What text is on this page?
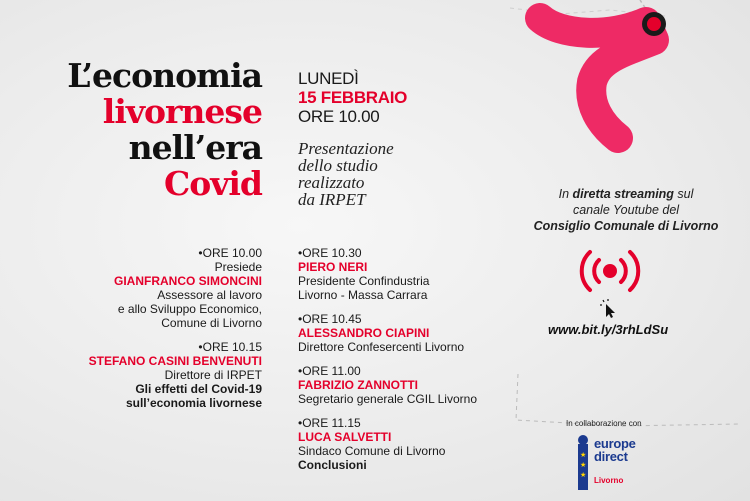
L’economia
livornese
nell’era
Covid
LUNEDÌ
15 FEBBRAIO
ORE 10.00
Presentazione
dello studio
realizzato
da IRPET
• ORE 10.00
Presiede
GIANFRANCO SIMONCINI
Assessore al lavoro
e allo Sviluppo Economico,
Comune di Livorno
• ORE 10.15
STEFANO CASINI BENVENUTI
Direttore di IRPET
Gli effetti del Covid-19
sull’economia livornese
• ORE 10.30
PIERO NERI
Presidente Confindustria
Livorno - Massa Carrara
• ORE 10.45
ALESSANDRO CIAPINI
Direttore Confesercenti Livorno
• ORE 11.00
FABRIZIO ZANNOTTI
Segretario generale CGIL Livorno
• ORE 11.15
LUCA SALVETTI
Sindaco Comune di Livorno
Conclusioni
In diretta streaming sul
canale Youtube del
Consiglio Comunale di Livorno
www.bit.ly/3rhLdSu
In collaborazione con
★
★
★
europe
direct
Livorno
